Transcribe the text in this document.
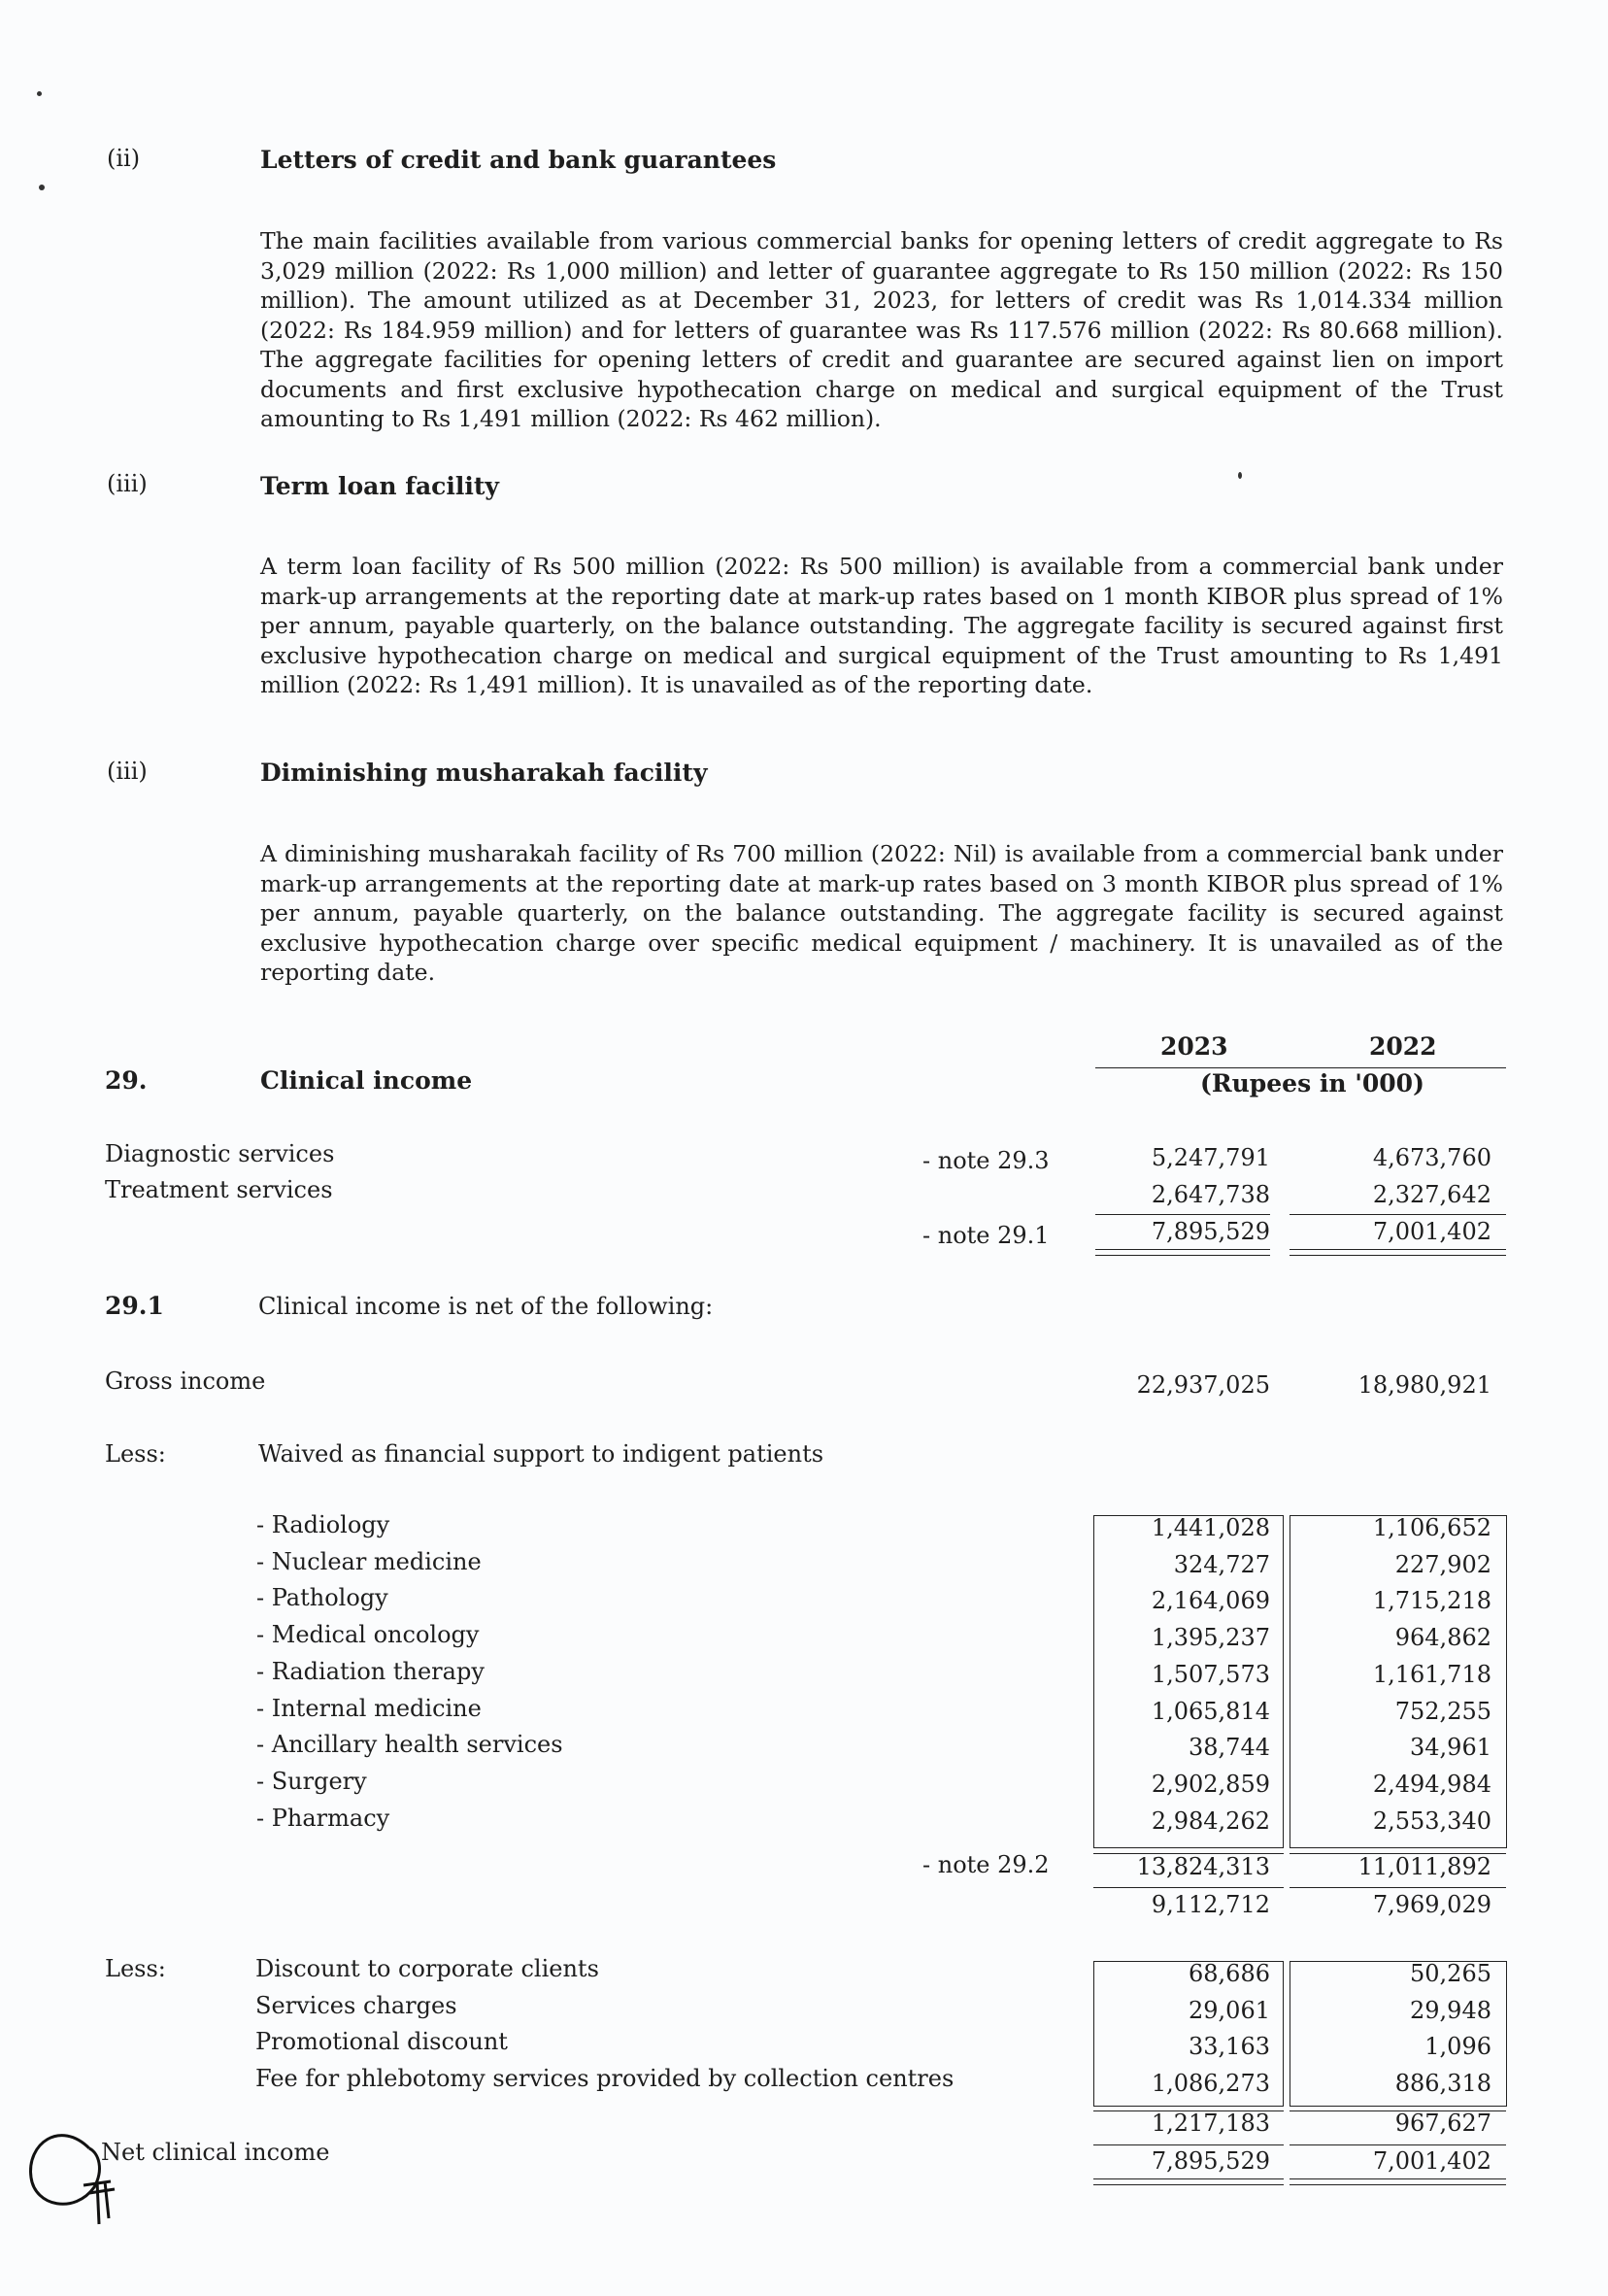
(ii)	Letters of credit and bank guarantees
The main facilities available from various commercial banks for opening letters of credit aggregate to Rs 3,029 million (2022: Rs 1,000 million) and letter of guarantee aggregate to Rs 150 million (2022: Rs 150 million). The amount utilized as at December 31, 2023, for letters of credit was Rs 1,014.334 million (2022: Rs 184.959 million) and for letters of guarantee was Rs 117.576 million (2022: Rs 80.668 million). The aggregate facilities for opening letters of credit and guarantee are secured against lien on import documents and first exclusive hypothecation charge on medical and surgical equipment of the Trust amounting to Rs 1,491 million (2022: Rs 462 million).
(iii)	Term loan facility
A term loan facility of Rs 500 million (2022: Rs 500 million) is available from a commercial bank under mark-up arrangements at the reporting date at mark-up rates based on 1 month KIBOR plus spread of 1% per annum, payable quarterly, on the balance outstanding. The aggregate facility is secured against first exclusive hypothecation charge on medical and surgical equipment of the Trust amounting to Rs 1,491 million (2022: Rs 1,491 million). It is unavailed as of the reporting date.
(iii)	Diminishing musharakah facility
A diminishing musharakah facility of Rs 700 million (2022: Nil) is available from a commercial bank under mark-up arrangements at the reporting date at mark-up rates based on 3 month KIBOR plus spread of 1% per annum, payable quarterly, on the balance outstanding. The aggregate facility is secured against exclusive hypothecation charge over specific medical equipment / machinery. It is unavailed as of the reporting date.
29.	Clinical income
2023	2022
(Rupees in '000)
Diagnostic services	- note 29.3	5,247,791	4,673,760
Treatment services	2,647,738	2,327,642
- note 29.1	7,895,529	7,001,402
29.1	Clinical income is net of the following:
Gross income	22,937,025	18,980,921
Less:	Waived as financial support to indigent patients
- Radiology	1,441,028	1,106,652
- Nuclear medicine	324,727	227,902
- Pathology	2,164,069	1,715,218
- Medical oncology	1,395,237	964,862
- Radiation therapy	1,507,573	1,161,718
- Internal medicine	1,065,814	752,255
- Ancillary health services	38,744	34,961
- Surgery	2,902,859	2,494,984
- Pharmacy	2,984,262	2,553,340
- note 29.2	13,824,313	11,011,892
9,112,712	7,969,029
Less:	Discount to corporate clients	68,686	50,265
Services charges	29,061	29,948
Promotional discount	33,163	1,096
Fee for phlebotomy services provided by collection centres	1,086,273	886,318
1,217,183	967,627
Net clinical income	7,895,529	7,001,402
